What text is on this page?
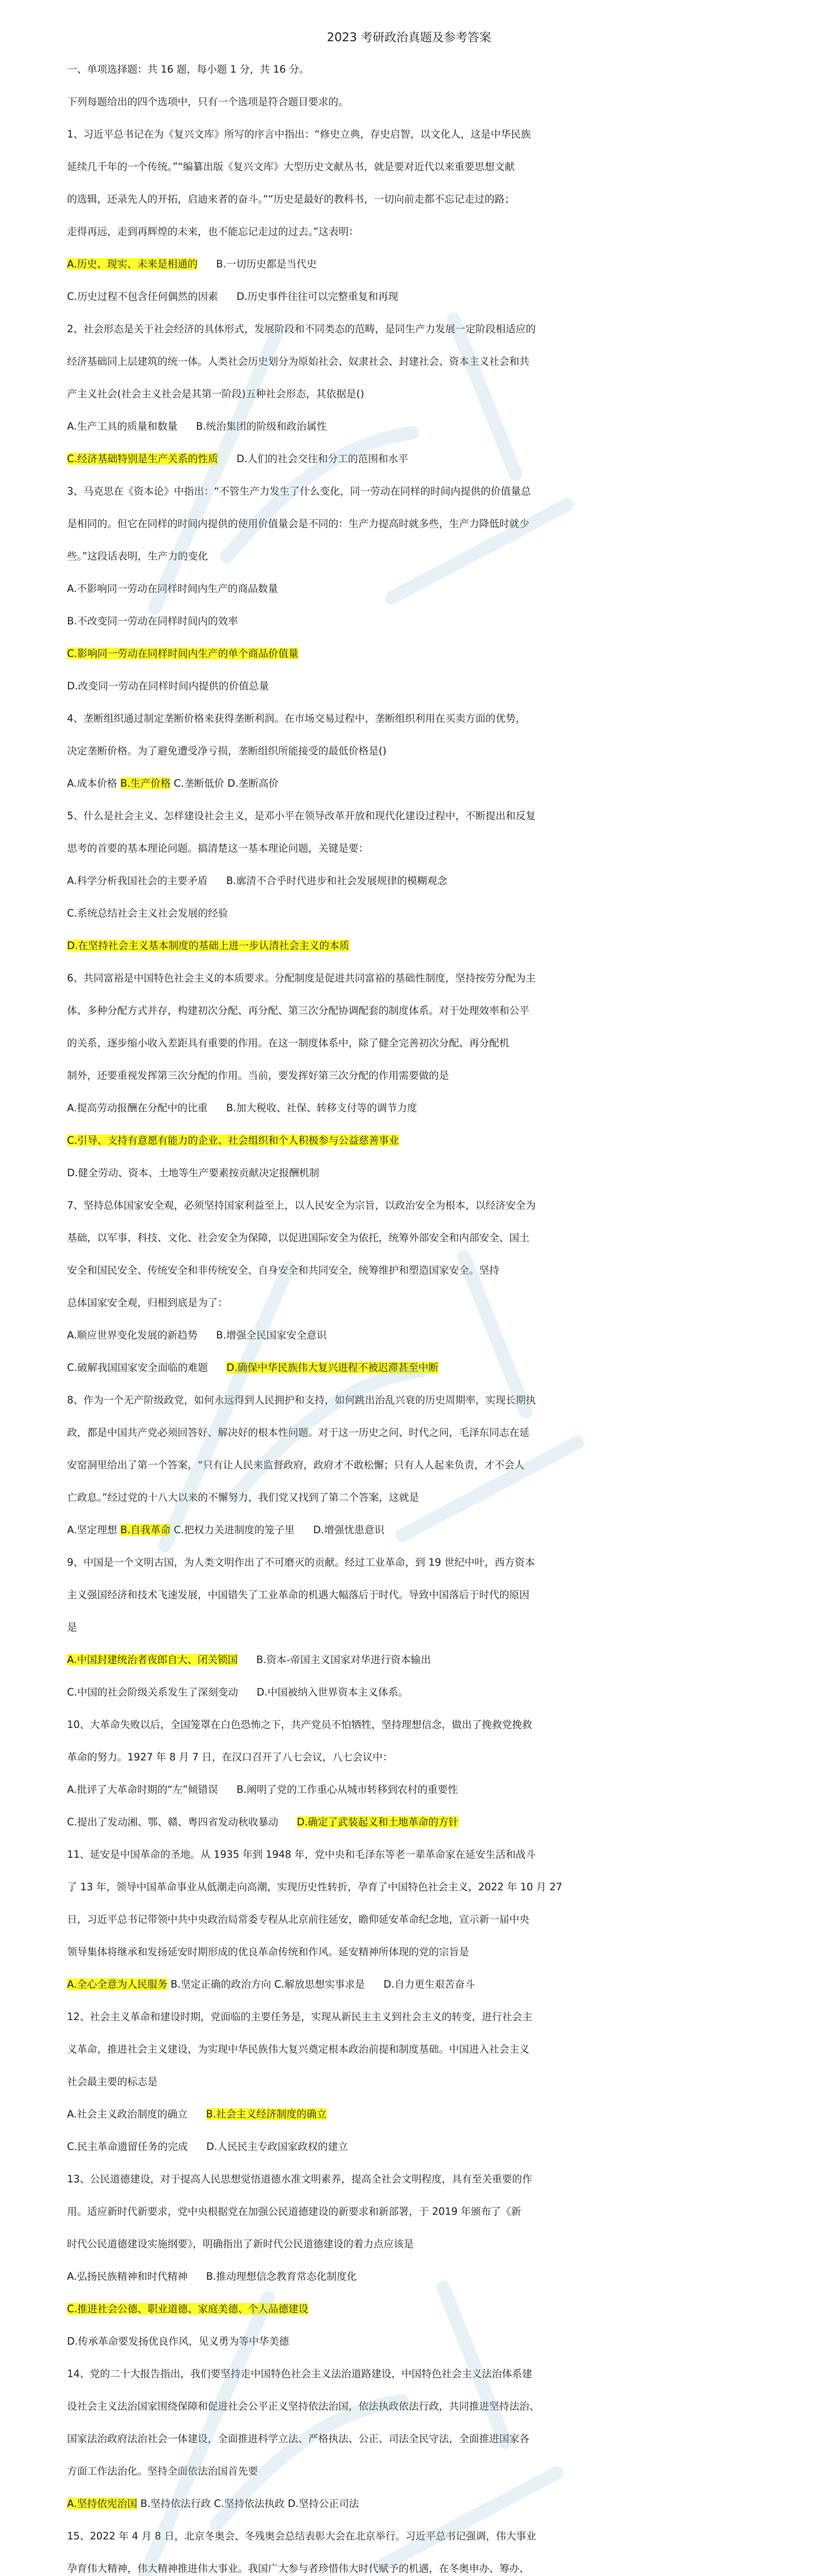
2023 考研政治真题及参考答案
一、单项选择题：共 16 题，每小题 1 分，共 16 分。
下列每题给出的四个选项中，只有一个选项是符合题目要求的。
1、习近平总书记在为《复兴文库》所写的序言中指出：“修史立典，存史启智，以文化人，这是中华民族
延续几千年的一个传统。”“编纂出版《复兴文库》大型历史文献丛书，就是要对近代以来重要思想文献
的选辑，还录先人的开拓，启迪来者的奋斗。”“历史是最好的教科书，一切向前走都不忘记走过的路；
走得再远，走到再辉煌的未来，也不能忘记走过的过去。”这表明：
A.历史、现实、未来是相通的 B.一切历史都是当代史
C.历史过程不包含任何偶然的因素 D.历史事件往往可以完整重复和再现
2、社会形态是关于社会经济的具体形式，发展阶段和不同类态的范畴，是同生产力发展一定阶段相适应的
经济基础同上层建筑的统一体。人类社会历史划分为原始社会、奴隶社会、封建社会、资本主义社会和共
产主义社会(社会主义社会是其第一阶段)五种社会形态，其依据是()
A.生产工具的质量和数量 B.统治集团的阶级和政治属性
C.经济基础特别是生产关系的性质 D.人们的社会交往和分工的范围和水平
3、马克思在《资本论》中指出：“不管生产力发生了什么变化，同一劳动在同样的时间内提供的价值量总
是相同的。但它在同样的时间内提供的使用价值量会是不同的：生产力提高时就多些，生产力降低时就少
些。”这段话表明，生产力的变化
A.不影响同一劳动在同样时间内生产的商品数量
B.不改变同一劳动在同样时间内的效率
C.影响同一劳动在同样时间内生产的单个商品价值量
D.改变同一劳动在同样时间内提供的价值总量
4、垄断组织通过制定垄断价格来获得垄断利润。在市场交易过程中，垄断组织利用在买卖方面的优势，
决定垄断价格。为了避免遭受净亏损，垄断组织所能接受的最低价格是()
A.成本价格 B.生产价格 C.垄断低价 D.垄断高价
5、什么是社会主义、怎样建设社会主义，是邓小平在领导改革开放和现代化建设过程中，不断提出和反复
思考的首要的基本理论问题。搞清楚这一基本理论问题，关键是要：
A.科学分析我国社会的主要矛盾 B.廓清不合乎时代进步和社会发展规律的模糊观念
C.系统总结社会主义社会发展的经验
D.在坚持社会主义基本制度的基础上进一步认清社会主义的本质
6、共同富裕是中国特色社会主义的本质要求。分配制度是促进共同富裕的基础性制度，坚持按劳分配为主
体、多种分配方式并存，构建初次分配、再分配、第三次分配协调配套的制度体系。对于处理效率和公平
的关系，逐步缩小收入差距具有重要的作用。在这一制度体系中，除了健全完善初次分配、再分配机
制外，还要重视发挥第三次分配的作用。当前，要发挥好第三次分配的作用需要做的是
A.提高劳动报酬在分配中的比重 B.加大税收、社保、转移支付等的调节力度
C.引导、支持有意愿有能力的企业、社会组织和个人积极参与公益慈善事业
D.健全劳动、资本、土地等生产要素按贡献决定报酬机制
7、坚持总体国家安全观，必须坚持国家利益至上，以人民安全为宗旨，以政治安全为根本，以经济安全为
基础，以军事、科技、文化、社会安全为保障，以促进国际安全为依托，统筹外部安全和内部安全、国土
安全和国民安全、传统安全和非传统安全、自身安全和共同安全，统筹维护和塑造国家安全。坚持
总体国家安全观，归根到底是为了：
A.顺应世界变化发展的新趋势 B.增强全民国家安全意识
C.破解我国国家安全面临的难题 D.确保中华民族伟大复兴进程不被迟滞甚至中断
8、作为一个无产阶级政党，如何永远得到人民拥护和支持，如何跳出治乱兴衰的历史周期率，实现长期执
政，都是中国共产党必须回答好、解决好的根本性问题。对于这一历史之问、时代之问，毛泽东同志在延
安窑洞里给出了第一个答案，“只有让人民来监督政府，政府才不敢松懈；只有人人起来负责，才不会人
亡政息。”经过党的十八大以来的不懈努力，我们党又找到了第二个答案，这就是
A.坚定理想 B.自我革命 C.把权力关进制度的笼子里 D.增强忧患意识
9、中国是一个文明古国，为人类文明作出了不可磨灭的贡献。经过工业革命，到 19 世纪中叶，西方资本
主义强国经济和技术飞速发展，中国错失了工业革命的机遇大幅落后于时代。导致中国落后于时代的原因
是
A.中国封建统治者夜郎自大、闭关锁国 B.资本-帝国主义国家对华进行资本输出
C.中国的社会阶级关系发生了深刻变动 D.中国被纳入世界资本主义体系。
10、大革命失败以后，全国笼罩在白色恐怖之下，共产党员不怕牺牲，坚持理想信念，做出了挽救党挽救
革命的努力。1927 年 8 月 7 日，在汉口召开了八七会议，八七会议中：
A.批评了大革命时期的“左”倾错误 B.阐明了党的工作重心从城市转移到农村的重要性
C.提出了发动湘、鄂、赣、粤四省发动秋收暴动 D.确定了武装起义和土地革命的方针
11、延安是中国革命的圣地。从 1935 年到 1948 年，党中央和毛泽东等老一辈革命家在延安生活和战斗
了 13 年，领导中国革命事业从低潮走向高潮，实现历史性转折，孕育了中国特色社会主义，2022 年 10 月 27
日，习近平总书记带领中共中央政治局常委专程从北京前往延安，瞻仰延安革命纪念地，宣示新一届中央
领导集体将继承和发扬延安时期形成的优良革命传统和作风。延安精神所体现的党的宗旨是
A.全心全意为人民服务 B.坚定正确的政治方向 C.解放思想实事求是 D.自力更生艰苦奋斗
12、社会主义革命和建设时期，党面临的主要任务是，实现从新民主主义到社会主义的转变，进行社会主
义革命，推进社会主义建设，为实现中华民族伟大复兴奠定根本政治前提和制度基础。中国进入社会主义
社会最主要的标志是
A.社会主义政治制度的确立 B.社会主义经济制度的确立
C.民主革命遗留任务的完成 D.人民民主专政国家政权的建立
13、公民道德建设，对于提高人民思想觉悟道德水准文明素养，提高全社会文明程度，具有至关重要的作
用。适应新时代新要求，党中央根据党在加强公民道德建设的新要求和新部署，于 2019 年颁布了《新
时代公民道德建设实施纲要》，明确指出了新时代公民道德建设的着力点应该是
A.弘扬民族精神和时代精神 B.推动理想信念教育常态化制度化
C.推进社会公德、职业道德、家庭美德、个人品德建设
D.传承革命要发扬优良作风，见义勇为等中华美德
14、党的二十大报告指出，我们要坚持走中国特色社会主义法治道路建设，中国特色社会主义法治体系建
设社会主义法治国家围绕保障和促进社会公平正义坚持依法治国，依法执政依法行政，共同推进坚持法治、
国家法治政府法治社会一体建设，全面推进科学立法、严格执法、公正、司法全民守法，全面推进国家各
方面工作法治化。坚持全面依法治国首先要
A.坚持依宪治国 B.坚持依法行政 C.坚持依法执政 D.坚持公正司法
15、2022 年 4 月 8 日，北京冬奥会、冬残奥会总结表彰大会在北京举行。习近平总书记强调，伟大事业
孕育伟大精神，伟大精神推进伟大事业。我国广大参与者珍惜伟大时代赋予的机遇，在冬奥申办、筹办、
